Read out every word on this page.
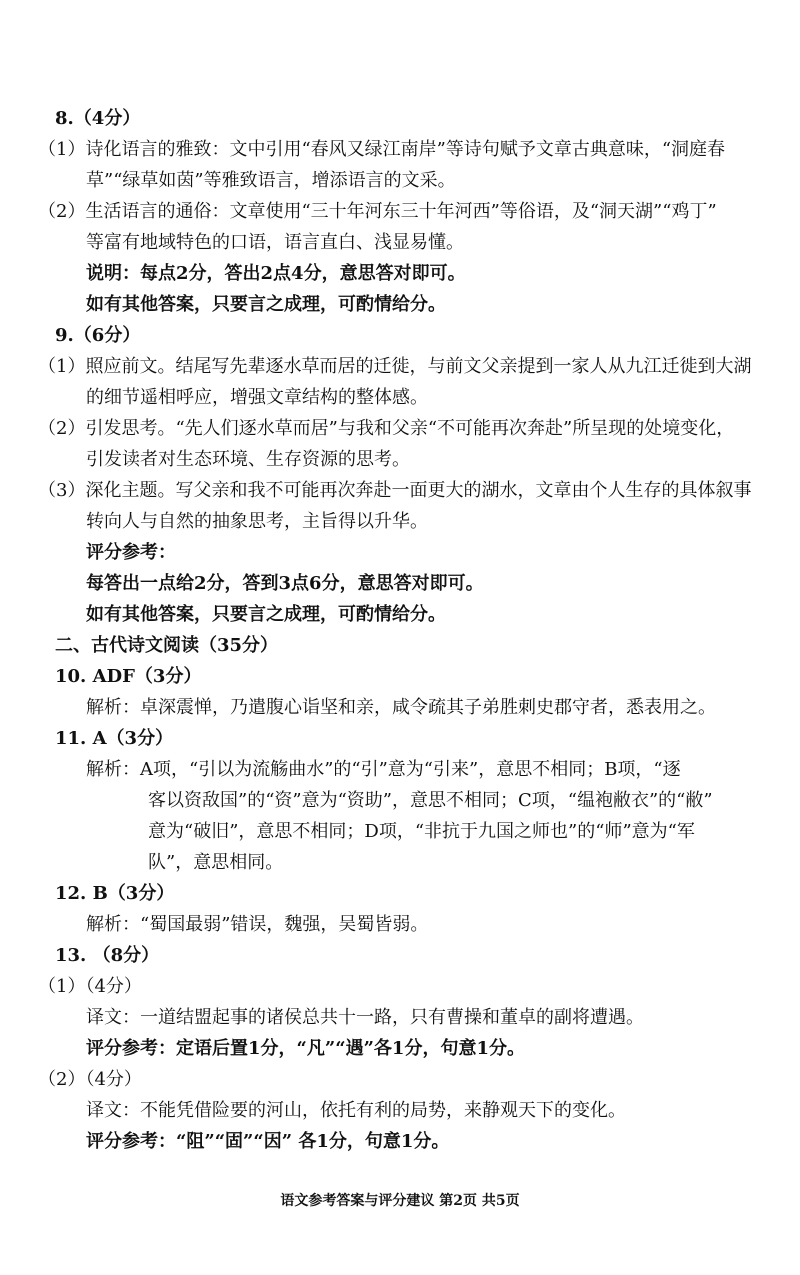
8.（4分）
（1）诗化语言的雅致：文中引用“春风又绿江南岸”等诗句赋予文章古典意味，“洞庭春
草”“绿草如茵”等雅致语言，增添语言的文采。
（2）生活语言的通俗：文章使用“三十年河东三十年河西”等俗语，及“洞天湖”“鸡丁”
等富有地域特色的口语，语言直白、浅显易懂。
说明：每点2分，答出2点4分，意思答对即可。
如有其他答案，只要言之成理，可酌情给分。
9.（6分）
（1）照应前文。结尾写先辈逐水草而居的迁徙，与前文父亲提到一家人从九江迁徙到大湖
的细节遥相呼应，增强文章结构的整体感。
（2）引发思考。“先人们逐水草而居”与我和父亲“不可能再次奔赴”所呈现的处境变化，
引发读者对生态环境、生存资源的思考。
（3）深化主题。写父亲和我不可能再次奔赴一面更大的湖水，文章由个人生存的具体叙事
转向人与自然的抽象思考，主旨得以升华。
评分参考：
每答出一点给2分，答到3点6分，意思答对即可。
如有其他答案，只要言之成理，可酌情给分。
二、古代诗文阅读（35分）
10. ADF（3分）
解析：卓深震惮，乃遣腹心诣坚和亲，咸令疏其子弟胜刺史郡守者，悉表用之。
11. A（3分）
解析：A项，“引以为流觞曲水”的“引”意为“引来”，意思不相同；B项，“逐
客以资敌国”的“资”意为“资助”，意思不相同；C项，“缊袍敝衣”的“敝”
意为“破旧”，意思不相同；D项，“非抗于九国之师也”的“师”意为“军
队”，意思相同。
12. B（3分）
解析：“蜀国最弱”错误，魏强，吴蜀皆弱。
13. （8分）
（1）（4分）
译文：一道结盟起事的诸侯总共十一路，只有曹操和董卓的副将遭遇。
评分参考：定语后置1分，“凡”“遇”各1分，句意1分。
（2）（4分）
译文：不能凭借险要的河山，依托有利的局势，来静观天下的变化。
评分参考：“阻”“固”“因” 各1分，句意1分。
语文参考答案与评分建议 第2页 共5页
